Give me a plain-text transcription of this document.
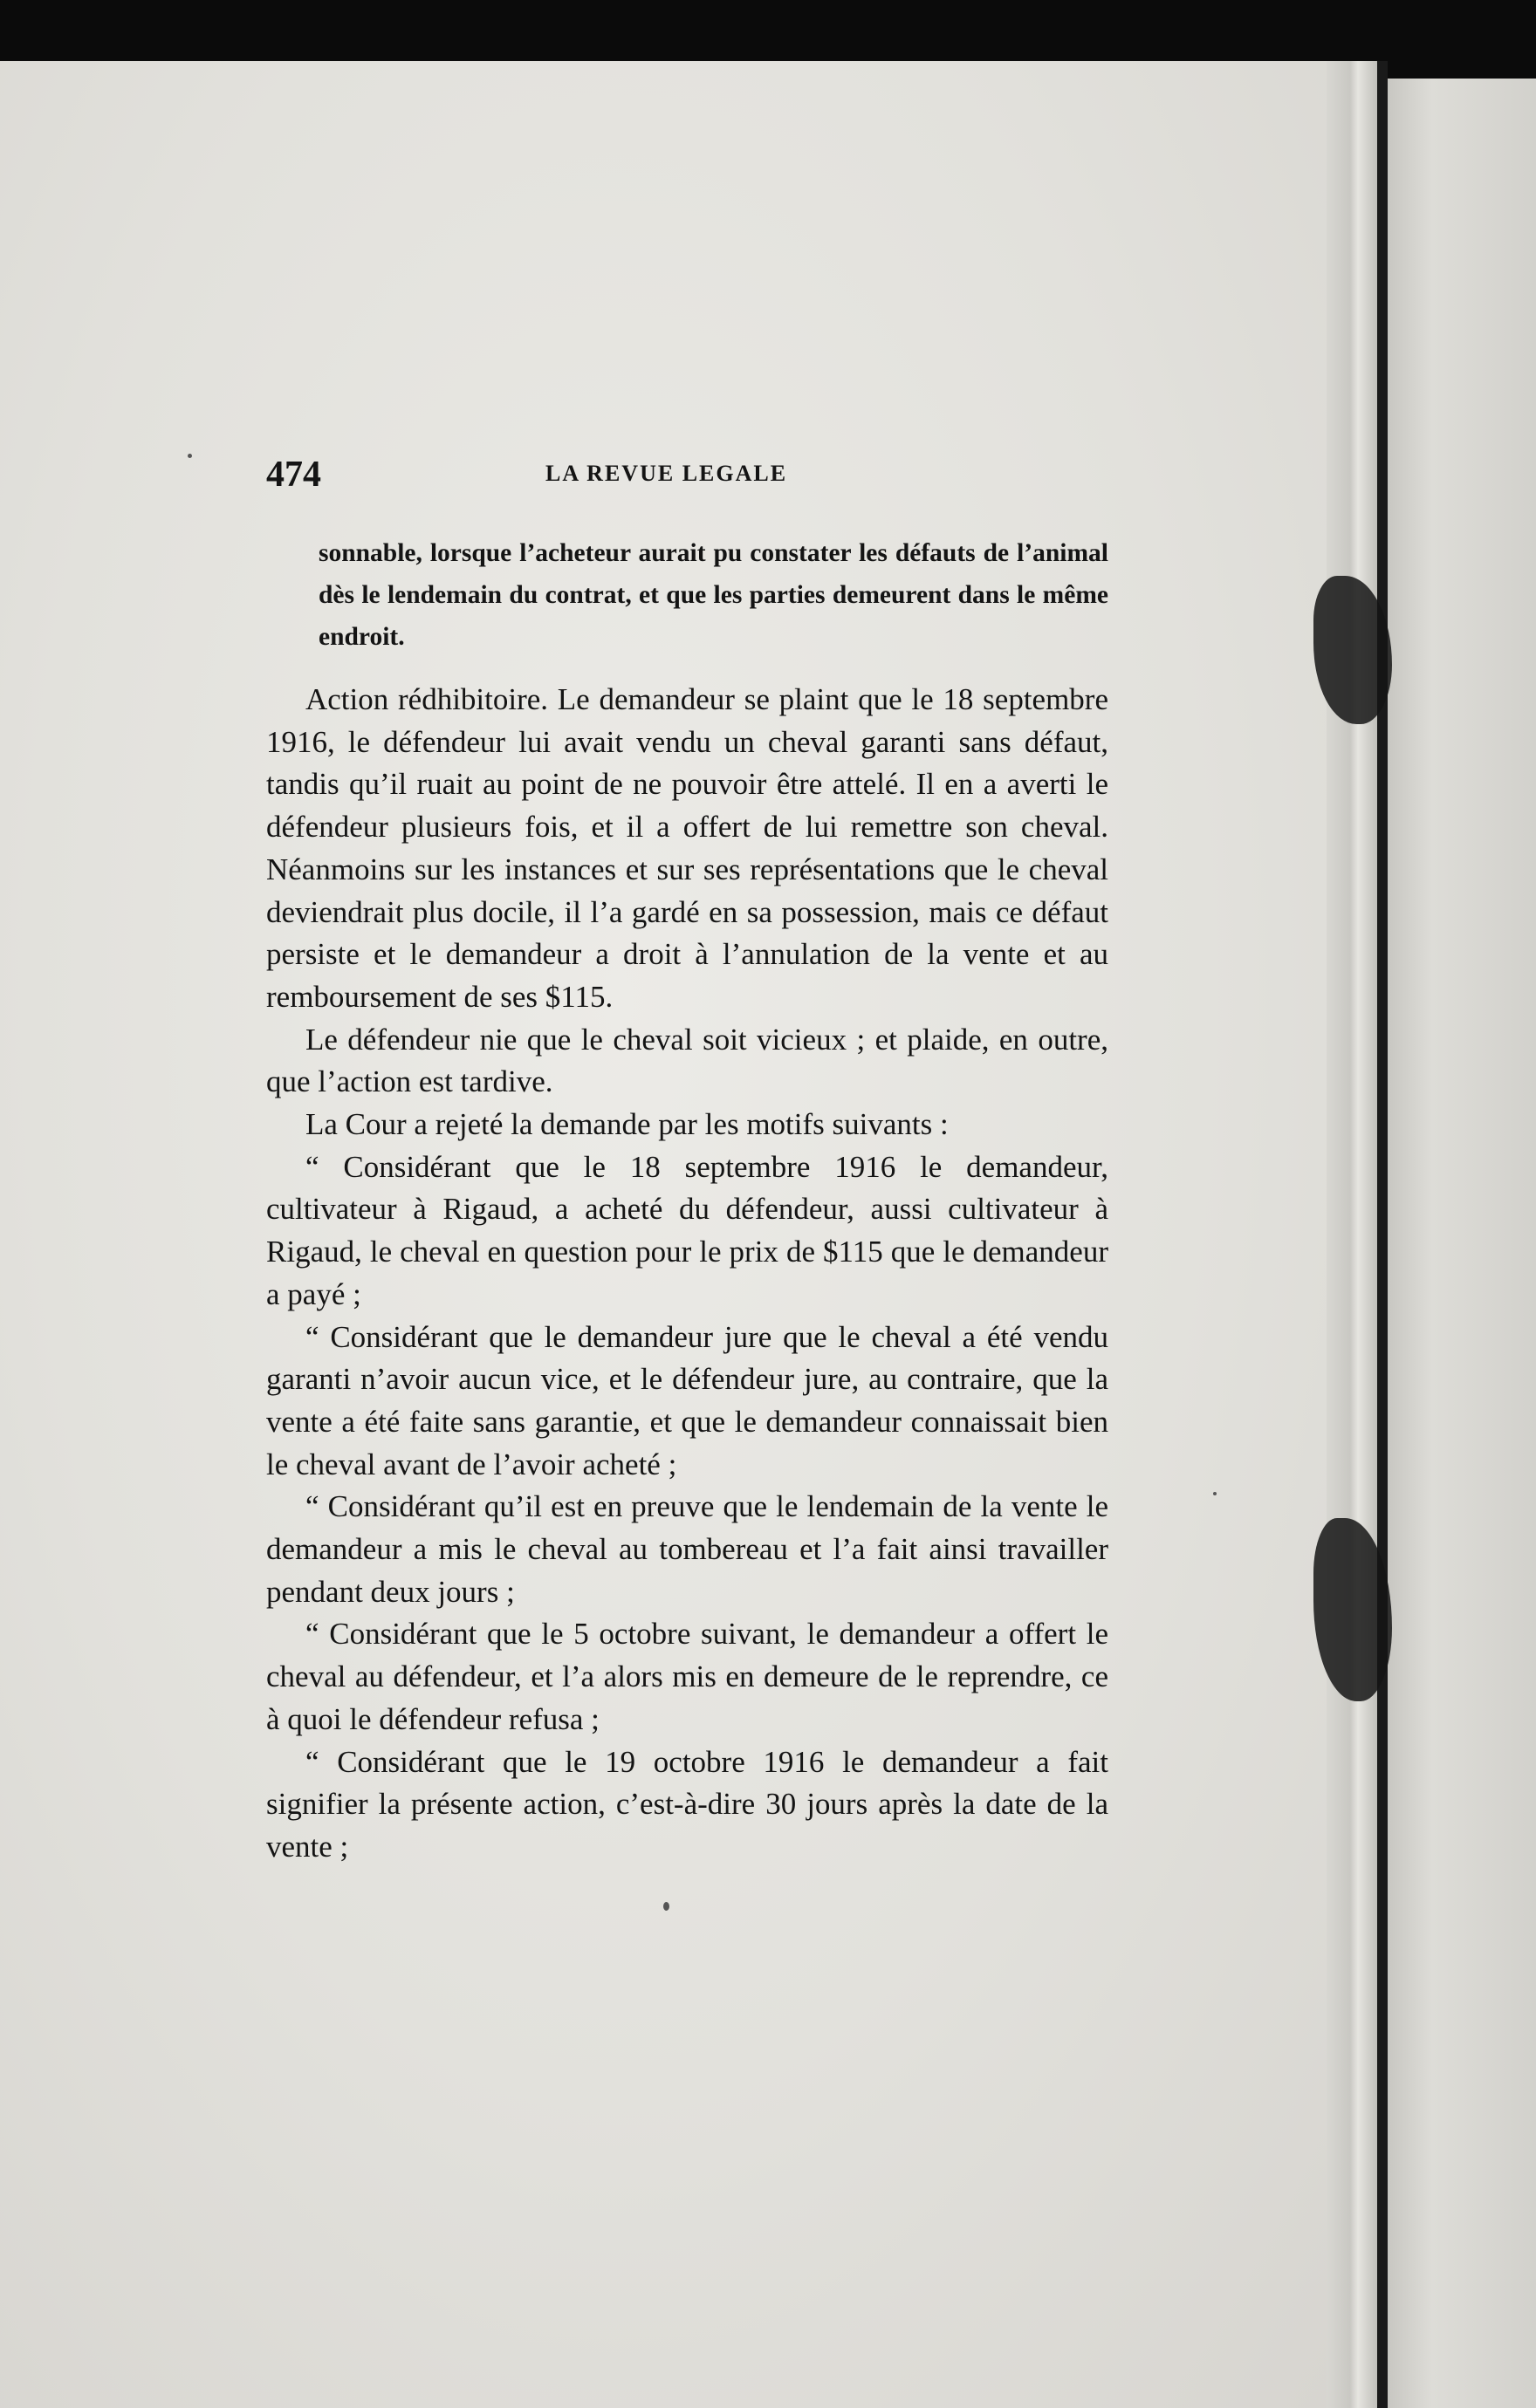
474	LA REVUE LEGALE
sonnable, lorsque l’acheteur aurait pu constater les défauts de l’animal dès le lendemain du contrat, et que les parties demeurent dans le même endroit.

Action rédhibitoire. Le demandeur se plaint que le 18 septembre 1916, le défendeur lui avait vendu un cheval garanti sans défaut, tandis qu’il ruait au point de ne pouvoir être attelé. Il en a averti le défendeur plusieurs fois, et il a offert de lui remettre son cheval. Néanmoins sur les instances et sur ses représentations que le cheval deviendrait plus docile, il l’a gardé en sa possession, mais ce défaut persiste et le demandeur a droit à l’annulation de la vente et au remboursement de ses $115.

Le défendeur nie que le cheval soit vicieux ; et plaide, en outre, que l’action est tardive.

La Cour a rejeté la demande par les motifs suivants :

“ Considérant que le 18 septembre 1916 le demandeur, cultivateur à Rigaud, a acheté du défendeur, aussi cultivateur à Rigaud, le cheval en question pour le prix de $115 que le demandeur a payé ;

“ Considérant que le demandeur jure que le cheval a été vendu garanti n’avoir aucun vice, et le défendeur jure, au contraire, que la vente a été faite sans garantie, et que le demandeur connaissait bien le cheval avant de l’avoir acheté ;

“ Considérant qu’il est en preuve que le lendemain de la vente le demandeur a mis le cheval au tombereau et l’a fait ainsi travailler pendant deux jours ;

“ Considérant que le 5 octobre suivant, le demandeur a offert le cheval au défendeur, et l’a alors mis en demeure de le reprendre, ce à quoi le défendeur refusa ;

“ Considérant que le 19 octobre 1916 le demandeur a fait signifier la présente action, c’est-à-dire 30 jours après la date de la vente ;
